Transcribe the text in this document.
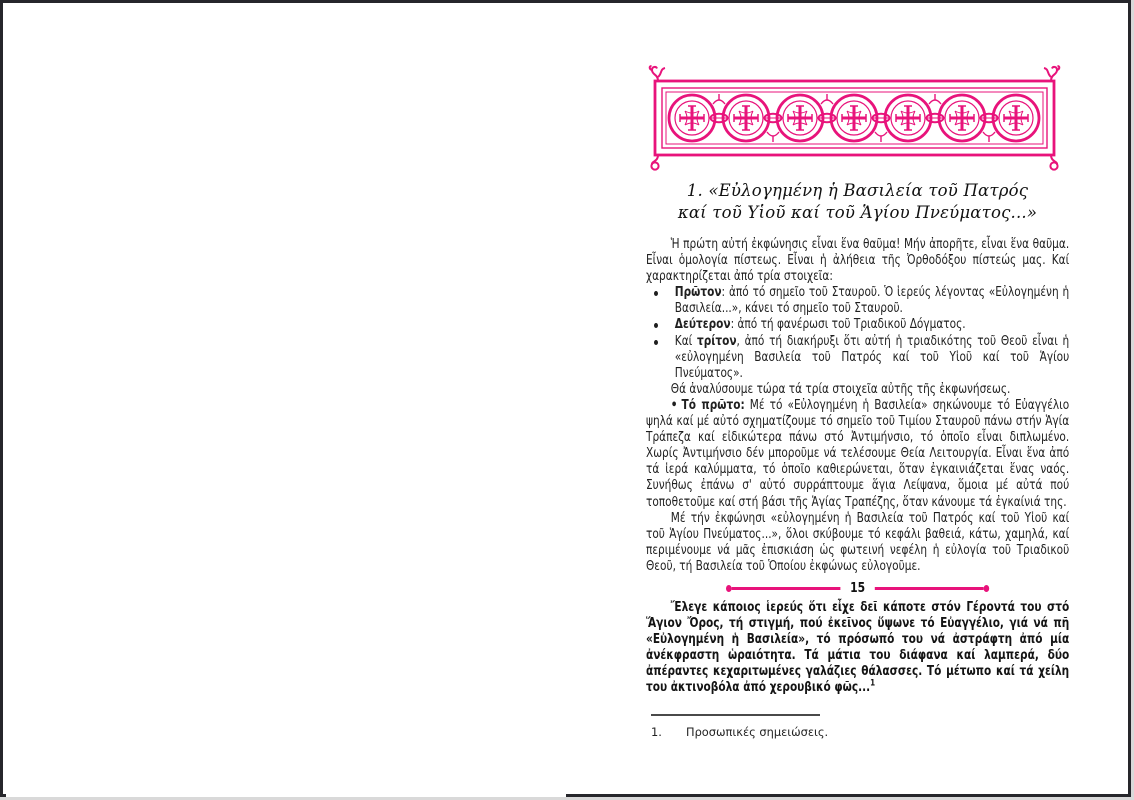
1. «Εὐλογημένη ἡ Βασιλεία τοῦ Πατρός
καί τοῦ Υἱοῦ καί τοῦ Ἁγίου Πνεύματος...»

Ἡ πρώτη αὐτή ἐκφώνησις εἶναι ἕνα θαῦμα! Μήν ἀπορῆτε, εἶναι ἕνα θαῦμα. Εἶναι ὁμολογία πίστεως. Εἶναι ἡ ἀλήθεια τῆς Ὀρθοδόξου πίστεώς μας. Καί χαρακτηρίζεται ἀπό τρία στοιχεῖα:

Πρῶτον: ἀπό τό σημεῖο τοῦ Σταυροῦ. Ὁ ἱερεύς λέγοντας «Εὐλογημένη ἡ Βασιλεία...», κάνει τό σημεῖο τοῦ Σταυροῦ.
Δεύτερον: ἀπό τή φανέρωσι τοῦ Τριαδικοῦ Δόγματος.
Καί τρίτον, ἀπό τή διακήρυξι ὅτι αὐτή ἡ τριαδικότης τοῦ Θεοῦ εἶναι ἡ «εὐλογημένη Βασιλεία τοῦ Πατρός καί τοῦ Υἱοῦ καί τοῦ Ἁγίου Πνεύματος».

Θά ἀναλύσουμε τώρα τά τρία στοιχεῖα αὐτῆς τῆς ἐκφωνήσεως.

• Τό πρῶτο: Μέ τό «Εὐλογημένη ἡ Βασιλεία» σηκώνουμε τό Εὐαγγέλιο ψηλά καί μέ αὐτό σχηματίζουμε τό σημεῖο τοῦ Τιμίου Σταυροῦ πάνω στήν Ἁγία Τράπεζα καί εἰδικώτερα πάνω στό Ἀντιμήνσιο, τό ὁποῖο εἶναι διπλωμένο. Χωρίς Ἀντιμήνσιο δέν μποροῦμε νά τελέσουμε Θεία Λειτουργία. Εἶναι ἕνα ἀπό τά ἱερά καλύμματα, τό ὁποῖο καθιερώνεται, ὅταν ἐγκαινιάζεται ἕνας ναός. Συνήθως ἐπάνω σ' αὐτό συρράπτουμε ἅγια Λείψανα, ὅμοια μέ αὐτά πού τοποθετοῦμε καί στή βάσι τῆς Ἁγίας Τραπέζης, ὅταν κάνουμε τά ἐγκαίνιά της.

Μέ τήν ἐκφώνησι «εὐλογημένη ἡ Βασιλεία τοῦ Πατρός καί τοῦ Υἱοῦ καί τοῦ Ἁγίου Πνεύματος...», ὅλοι σκύβουμε τό κεφάλι βαθειά, κάτω, χαμηλά, καί περιμένουμε νά μᾶς ἐπισκιάση ὡς φωτεινή νεφέλη ἡ εὐλογία τοῦ Τριαδικοῦ Θεοῦ, τή Βασιλεία τοῦ Ὁποίου ἐκφώνως εὐλογοῦμε.

15

Ἔλεγε κάποιος ἱερεύς ὅτι εἶχε δεῖ κάποτε στόν Γέροντά του στό Ἅγιον Ὄρος, τή στιγμή, πού ἐκεῖνος ὕψωνε τό Εὐαγγέλιο, γιά νά πῆ «Εὐλογημένη ἡ Βασιλεία», τό πρόσωπό του νά ἀστράφτη ἀπό μία ἀνέκφραστη ὡραιότητα. Τά μάτια του διάφανα καί λαμπερά, δύο ἀπέραντες κεχαριτωμένες γαλάζιες θάλασσες. Τό μέτωπο καί τά χείλη του ἀκτινοβόλα ἀπό χερουβικό φῶς...$^1$

1. Προσωπικές σημειώσεις.
